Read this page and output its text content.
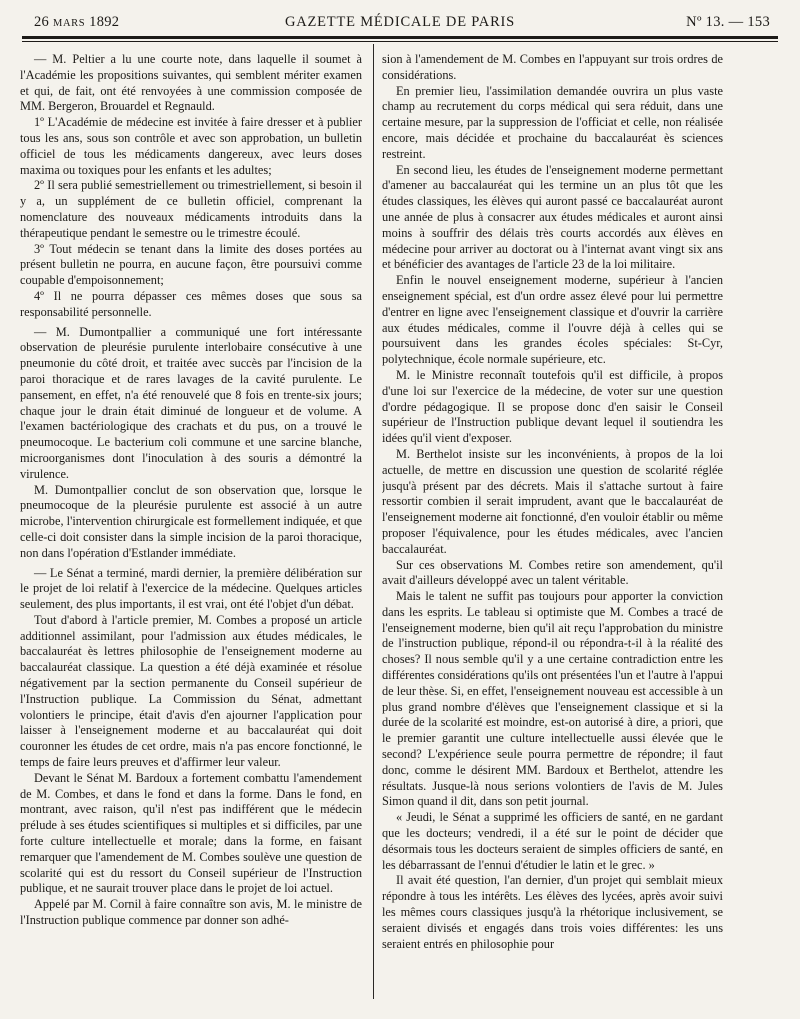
26 MARS 1892	GAZETTE MÉDICALE DE PARIS	Nº 13. — 153

— M. Peltier a lu une courte note, dans laquelle il soumet à l'Académie les propositions suivantes, qui semblent mériter examen et qui, de fait, ont été renvoyées à une commission composée de MM. Bergeron, Brouardel et Regnauld.

1º L'Académie de médecine est invitée à faire dresser et à publier tous les ans, sous son contrôle et avec son approbation, un bulletin officiel de tous les médicaments dangereux, avec leurs doses maxima ou toxiques pour les enfants et les adultes;

2º Il sera publié semestriellement ou trimestriellement, si besoin il y a, un supplément de ce bulletin officiel, comprenant la nomenclature des nouveaux médicaments introduits dans la thérapeutique pendant le semestre ou le trimestre écoulé.

3º Tout médecin se tenant dans la limite des doses portées au présent bulletin ne pourra, en aucune façon, être poursuivi comme coupable d'empoisonnement;

4º Il ne pourra dépasser ces mêmes doses que sous sa responsabilité personnelle.

— M. Dumontpallier a communiqué une fort intéressante observation de pleurésie purulente interlobaire consécutive à une pneumonie du côté droit, et traitée avec succès par l'incision de la paroi thoracique et de rares lavages de la cavité purulente. Le pansement, en effet, n'a été renouvelé que 8 fois en trente-six jours; chaque jour le drain était diminué de longueur et de volume. A l'examen bactériologique des crachats et du pus, on a trouvé le pneumocoque. Le bacterium coli commune et une sarcine blanche, microorganismes dont l'inoculation à des souris a démontré la virulence.

M. Dumontpallier conclut de son observation que, lorsque le pneumocoque de la pleurésie purulente est associé à un autre microbe, l'intervention chirurgicale est formellement indiquée, et que celle-ci doit consister dans la simple incision de la paroi thoracique, non dans l'opération d'Estlander immédiate.

— Le Sénat a terminé, mardi dernier, la première délibération sur le projet de loi relatif à l'exercice de la médecine. Quelques articles seulement, des plus importants, il est vrai, ont été l'objet d'un débat.

Tout d'abord à l'article premier, M. Combes a proposé un article additionnel assimilant, pour l'admission aux études médicales, le baccalauréat ès lettres philosophie de l'enseignement moderne au baccalauréat classique. La question a été déjà examinée et résolue négativement par la section permanente du Conseil supérieur de l'Instruction publique. La Commission du Sénat, admettant volontiers le principe, était d'avis d'en ajourner l'application pour laisser à l'enseignement moderne et au baccalauréat qui doit couronner les études de cet ordre, mais n'a pas encore fonctionné, le temps de faire leurs preuves et d'affirmer leur valeur.

Devant le Sénat M. Bardoux a fortement combattu l'amendement de M. Combes, et dans le fond et dans la forme. Dans le fond, en montrant, avec raison, qu'il n'est pas indifférent que le médecin prélude à ses études scientifiques si multiples et si difficiles, par une forte culture intellectuelle et morale; dans la forme, en faisant remarquer que l'amendement de M. Combes soulève une question de scolarité qui est du ressort du Conseil supérieur de l'Instruction publique, et ne saurait trouver place dans le projet de loi actuel.

Appelé par M. Cornil à faire connaître son avis, M. le ministre de l'Instruction publique commence par donner son adhé-

sion à l'amendement de M. Combes en l'appuyant sur trois ordres de considérations.

En premier lieu, l'assimilation demandée ouvrira un plus vaste champ au recrutement du corps médical qui sera réduit, dans une certaine mesure, par la suppression de l'officiat et celle, non réalisée encore, mais décidée et prochaine du baccalauréat ès sciences restreint.

En second lieu, les études de l'enseignement moderne permettant d'amener au baccalauréat qui les termine un an plus tôt que les études classiques, les élèves qui auront passé ce baccalauréat auront une année de plus à consacrer aux études médicales et auront ainsi moins à souffrir des délais très courts accordés aux élèves en médecine pour arriver au doctorat ou à l'internat avant vingt six ans et bénéficier des avantages de l'article 23 de la loi militaire.

Enfin le nouvel enseignement moderne, supérieur à l'ancien enseignement spécial, est d'un ordre assez élevé pour lui permettre d'entrer en ligne avec l'enseignement classique et d'ouvrir la carrière aux études médicales, comme il l'ouvre déjà à celles qui se poursuivent dans les grandes écoles spéciales: St-Cyr, polytechnique, école normale supérieure, etc.

M. le Ministre reconnaît toutefois qu'il est difficile, à propos d'une loi sur l'exercice de la médecine, de voter sur une question d'ordre pédagogique. Il se propose donc d'en saisir le Conseil supérieur de l'Instruction publique devant lequel il soutiendra les idées qu'il vient d'exposer.

M. Berthelot insiste sur les inconvénients, à propos de la loi actuelle, de mettre en discussion une question de scolarité réglée jusqu'à présent par des décrets. Mais il s'attache surtout à faire ressortir combien il serait imprudent, avant que le baccalauréat de l'enseignement moderne ait fonctionné, d'en vouloir établir ou même proposer l'équivalence, pour les études médicales, avec l'ancien baccalauréat.

Sur ces observations M. Combes retire son amendement, qu'il avait d'ailleurs développé avec un talent véritable.

Mais le talent ne suffit pas toujours pour apporter la conviction dans les esprits. Le tableau si optimiste que M. Combes a tracé de l'enseignement moderne, bien qu'il ait reçu l'approbation du ministre de l'instruction publique, répond-il ou répondra-t-il à la réalité des choses? Il nous semble qu'il y a une certaine contradiction entre les différentes considérations qu'ils ont présentées l'un et l'autre à l'appui de leur thèse. Si, en effet, l'enseignement nouveau est accessible à un plus grand nombre d'élèves que l'enseignement classique et si la durée de la scolarité est moindre, est-on autorisé à dire, a priori, que le premier garantit une culture intellectuelle aussi élevée que le second? L'expérience seule pourra permettre de répondre; il faut donc, comme le désirent MM. Bardoux et Berthelot, attendre les résultats. Jusque-là nous serions volontiers de l'avis de M. Jules Simon quand il dit, dans son petit journal.

« Jeudi, le Sénat a supprimé les officiers de santé, en ne gardant que les docteurs; vendredi, il a été sur le point de décider que désormais tous les docteurs seraient de simples officiers de santé, en les débarrassant de l'ennui d'étudier le latin et le grec. »

Il avait été question, l'an dernier, d'un projet qui semblait mieux répondre à tous les intérêts. Les élèves des lycées, après avoir suivi les mêmes cours classiques jusqu'à la rhétorique inclusivement, se seraient divisés et engagés dans trois voies différentes: les uns seraient entrés en philosophie pour
